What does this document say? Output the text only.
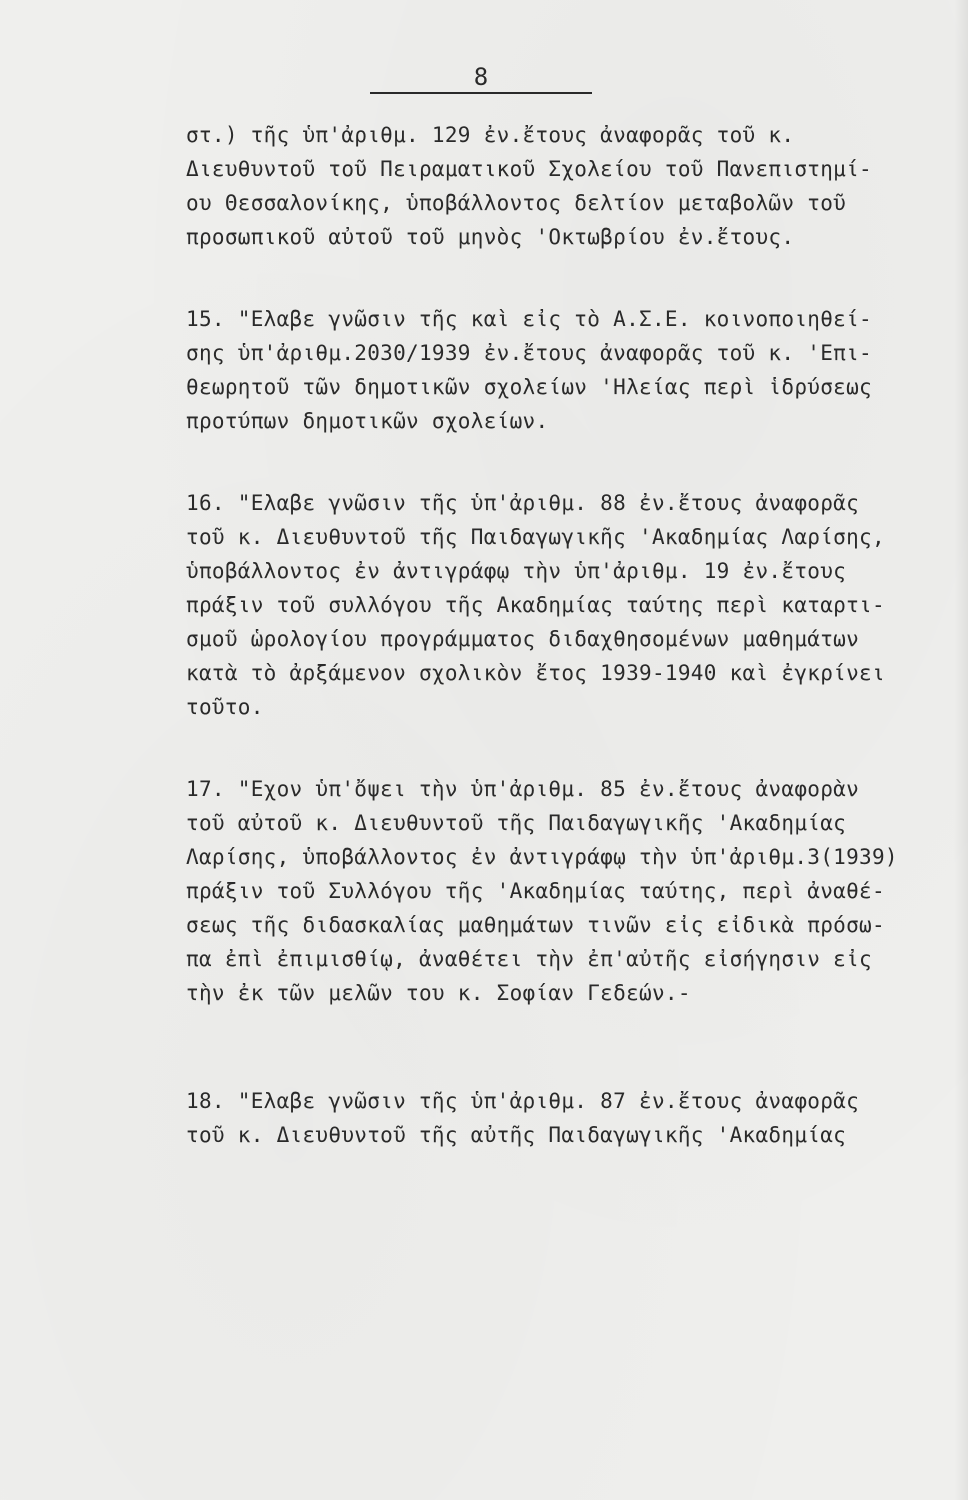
8
στ.) τῆς ὑπ'ἀριθμ. 129 ἐν.ἔτους ἀναφορᾶς τοῦ κ.
Διευθυντοῦ τοῦ Πειραματικοῦ Σχολείου τοῦ Πανεπιστημί-
ου Θεσσαλονίκης, ὑποβάλλοντος δελτίον μεταβολῶν τοῦ
προσωπικοῦ αὐτοῦ τοῦ μηνὸς 'Οκτωβρίου ἐν.ἔτους.
15. "Ελαβε γνῶσιν τῆς καὶ εἰς τὸ Α.Σ.Ε. κοινοποιηθεί-
σης ὑπ'ἀριθμ.2030/1939 ἐν.ἔτους ἀναφορᾶς τοῦ κ. 'Επι-
θεωρητοῦ τῶν δημοτικῶν σχολείων 'Ηλείας περὶ ἱδρύσεως
προτύπων δημοτικῶν σχολείων.
16. "Ελαβε γνῶσιν τῆς ὑπ'ἀριθμ. 88 ἐν.ἔτους ἀναφορᾶς
τοῦ κ. Διευθυντοῦ τῆς Παιδαγωγικῆς 'Ακαδημίας Λαρίσης,
ὑποβάλλοντος ἐν ἀντιγράφῳ τὴν ὑπ'ἀριθμ. 19 ἐν.ἔτους
πράξιν τοῦ συλλόγου τῆς Ακαδημίας ταύτης περὶ καταρτι-
σμοῦ ὡρολογίου προγράμματος διδαχθησομένων μαθημάτων
κατὰ τὸ ἀρξάμενον σχολικὸν ἔτος 1939-1940 καὶ ἐγκρίνει
τοῦτο.
17. "Εχον ὑπ'ὄψει τὴν ὑπ'ἀριθμ. 85 ἐν.ἔτους ἀναφορὰν
τοῦ αὐτοῦ κ. Διευθυντοῦ τῆς Παιδαγωγικῆς 'Ακαδημίας
Λαρίσης, ὑποβάλλοντος ἐν ἀντιγράφῳ τὴν ὑπ'ἀριθμ.3(1939)
πράξιν τοῦ Συλλόγου τῆς 'Ακαδημίας ταύτης, περὶ ἀναθέ-
σεως τῆς διδασκαλίας μαθημάτων τινῶν εἰς εἰδικὰ πρόσω-
πα ἐπὶ ἐπιμισθίῳ, ἀναθέτει τὴν ἐπ'αὐτῆς εἰσήγησιν εἰς
τὴν ἐκ τῶν μελῶν του κ. Σοφίαν Γεδεών.-
18. "Ελαβε γνῶσιν τῆς ὑπ'ἀριθμ. 87 ἐν.ἔτους ἀναφορᾶς
τοῦ κ. Διευθυντοῦ τῆς αὐτῆς Παιδαγωγικῆς 'Ακαδημίας
